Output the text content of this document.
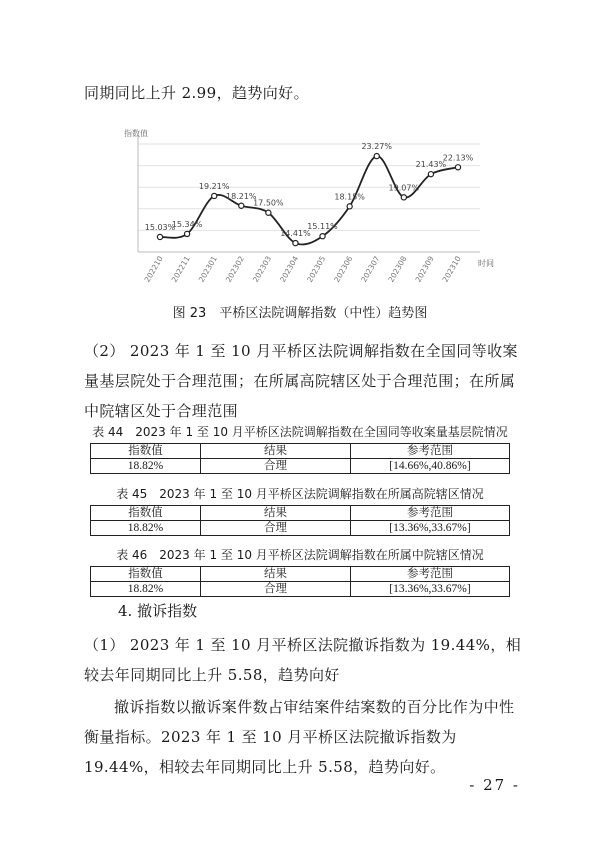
同期同比上升 2.99，趋势向好。

指数值
时间
15.03%
202210
15.34%
202211
19.21%
202301
18.21%
202302
17.50%
202303
14.41%
202304
15.11%
202305
18.15%
202306
23.27%
202307
19.07%
202308
21.43%
202309
22.13%
202310
图 23　平桥区法院调解指数（中性）趋势图

（2） 2023 年 1 至 10 月平桥区法院调解指数在全国同等收案量基层院处于合理范围；在所属高院辖区处于合理范围；在所属中院辖区处于合理范围

表 44　2023 年 1 至 10 月平桥区法院调解指数在全国同等收案量基层院情况
指数值	结果	参考范围
18.82%	合理	[14.66%,40.86%]
表 45　2023 年 1 至 10 月平桥区法院调解指数在所属高院辖区情况
指数值	结果	参考范围
18.82%	合理	[13.36%,33.67%]
表 46　2023 年 1 至 10 月平桥区法院调解指数在所属中院辖区情况
指数值	结果	参考范围
18.82%	合理	[13.36%,33.67%]
4. 撤诉指数

（1） 2023 年 1 至 10 月平桥区法院撤诉指数为 19.44%，相较去年同期同比上升 5.58，趋势向好

撤诉指数以撤诉案件数占审结案件结案数的百分比作为中性衡量指标。2023 年 1 至 10 月平桥区法院撤诉指数为 19.44%，相较去年同期同比上升 5.58，趋势向好。

- 27 -
